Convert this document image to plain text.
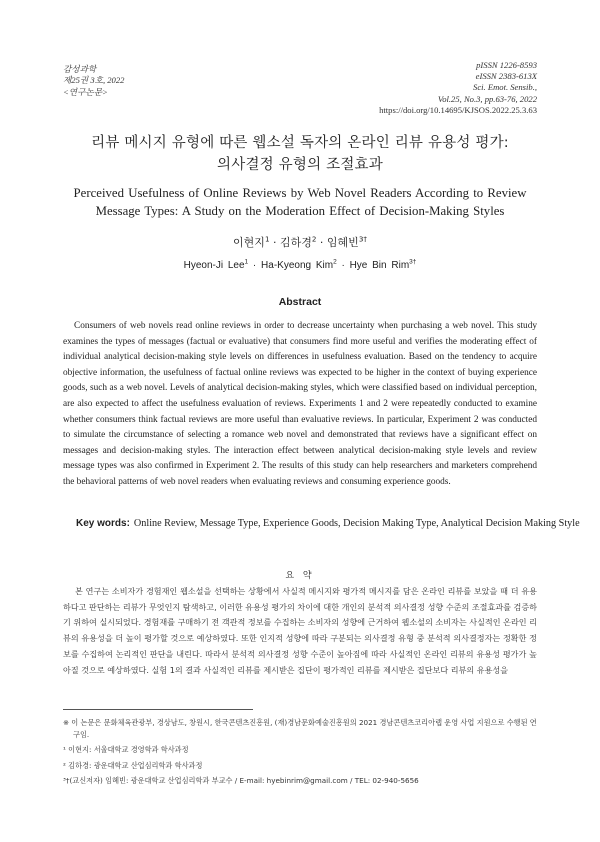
감성과학
제25권 3호, 2022
<연구논문>
pISSN 1226-8593
eISSN 2383-613X
Sci. Emot. Sensib.,
Vol.25, No.3, pp.63-76, 2022
https://doi.org/10.14695/KJSOS.2022.25.3.63
리뷰 메시지 유형에 따른 웹소설 독자의 온라인 리뷰 유용성 평가:
의사결정 유형의 조절효과
Perceived Usefulness of Online Reviews by Web Novel Readers According to Review Message Types: A Study on the Moderation Effect of Decision-Making Styles
이현지$^1$ · 김하경$^2$ · 임혜빈$^{3\dagger}$
Hyeon-Ji Lee$^1$ · Ha-Kyeong Kim$^2$ · Hye Bin Rim$^{3\dagger}$
Abstract

Consumers of web novels read online reviews in order to decrease uncertainty when purchasing a web novel. This study examines the types of messages (factual or evaluative) that consumers find more useful and verifies the moderating effect of individual analytical decision-making style levels on differences in usefulness evaluation. Based on the tendency to acquire objective information, the usefulness of factual online reviews was expected to be higher in the context of buying experience goods, such as a web novel. Levels of analytical decision-making styles, which were classified based on individual perception, are also expected to affect the usefulness evaluation of reviews. Experiments 1 and 2 were repeatedly conducted to examine whether consumers think factual reviews are more useful than evaluative reviews. In particular, Experiment 2 was conducted to simulate the circumstance of selecting a romance web novel and demonstrated that reviews have a significant effect on messages and decision-making styles. The interaction effect between analytical decision-making style levels and review message types was also confirmed in Experiment 2. The results of this study can help researchers and marketers comprehend the behavioral patterns of web novel readers when evaluating reviews and consuming experience goods.

Key words: Online Review, Message Type, Experience Goods, Decision Making Type, Analytical Decision Making Style
요 약

본 연구는 소비자가 경험재인 웹소설을 선택하는 상황에서 사실적 메시지와 평가적 메시지를 담은 온라인 리뷰를 보았을 때 더 유용하다고 판단하는 리뷰가 무엇인지 탐색하고, 이러한 유용성 평가의 차이에 대한 개인의 분석적 의사결정 성향 수준의 조절효과를 검증하기 위하여 실시되었다. 경험재를 구매하기 전 객관적 정보를 수집하는 소비자의 성향에 근거하여 웹소설의 소비자는 사실적인 온라인 리뷰의 유용성을 더 높이 평가할 것으로 예상하였다. 또한 인지적 성향에 따라 구분되는 의사결정 유형 중 분석적 의사결정자는 정확한 정보를 수집하여 논리적인 판단을 내린다. 따라서 분석적 의사결정 성향 수준이 높아짐에 따라 사실적인 온라인 리뷰의 유용성 평가가 높아질 것으로 예상하였다. 실험 1의 결과 사실적인 리뷰를 제시받은 집단이 평가적인 리뷰를 제시받은 집단보다 리뷰의 유용성을

※ 이 논문은 문화체육관광부, 경상남도, 창원시, 한국콘텐츠진흥원, (재)경남문화예술진흥원의 2021 경남콘텐츠코리아랩 운영 사업 지원으로 수행된 연구임.

¹ 이현지: 서울대학교 경영학과 학사과정

² 김하경: 광운대학교 산업심리학과 학사과정

³†(교신저자) 임혜빈: 광운대학교 산업심리학과 부교수 / E-mail: hyebinrim@gmail.com / TEL: 02-940-5656
